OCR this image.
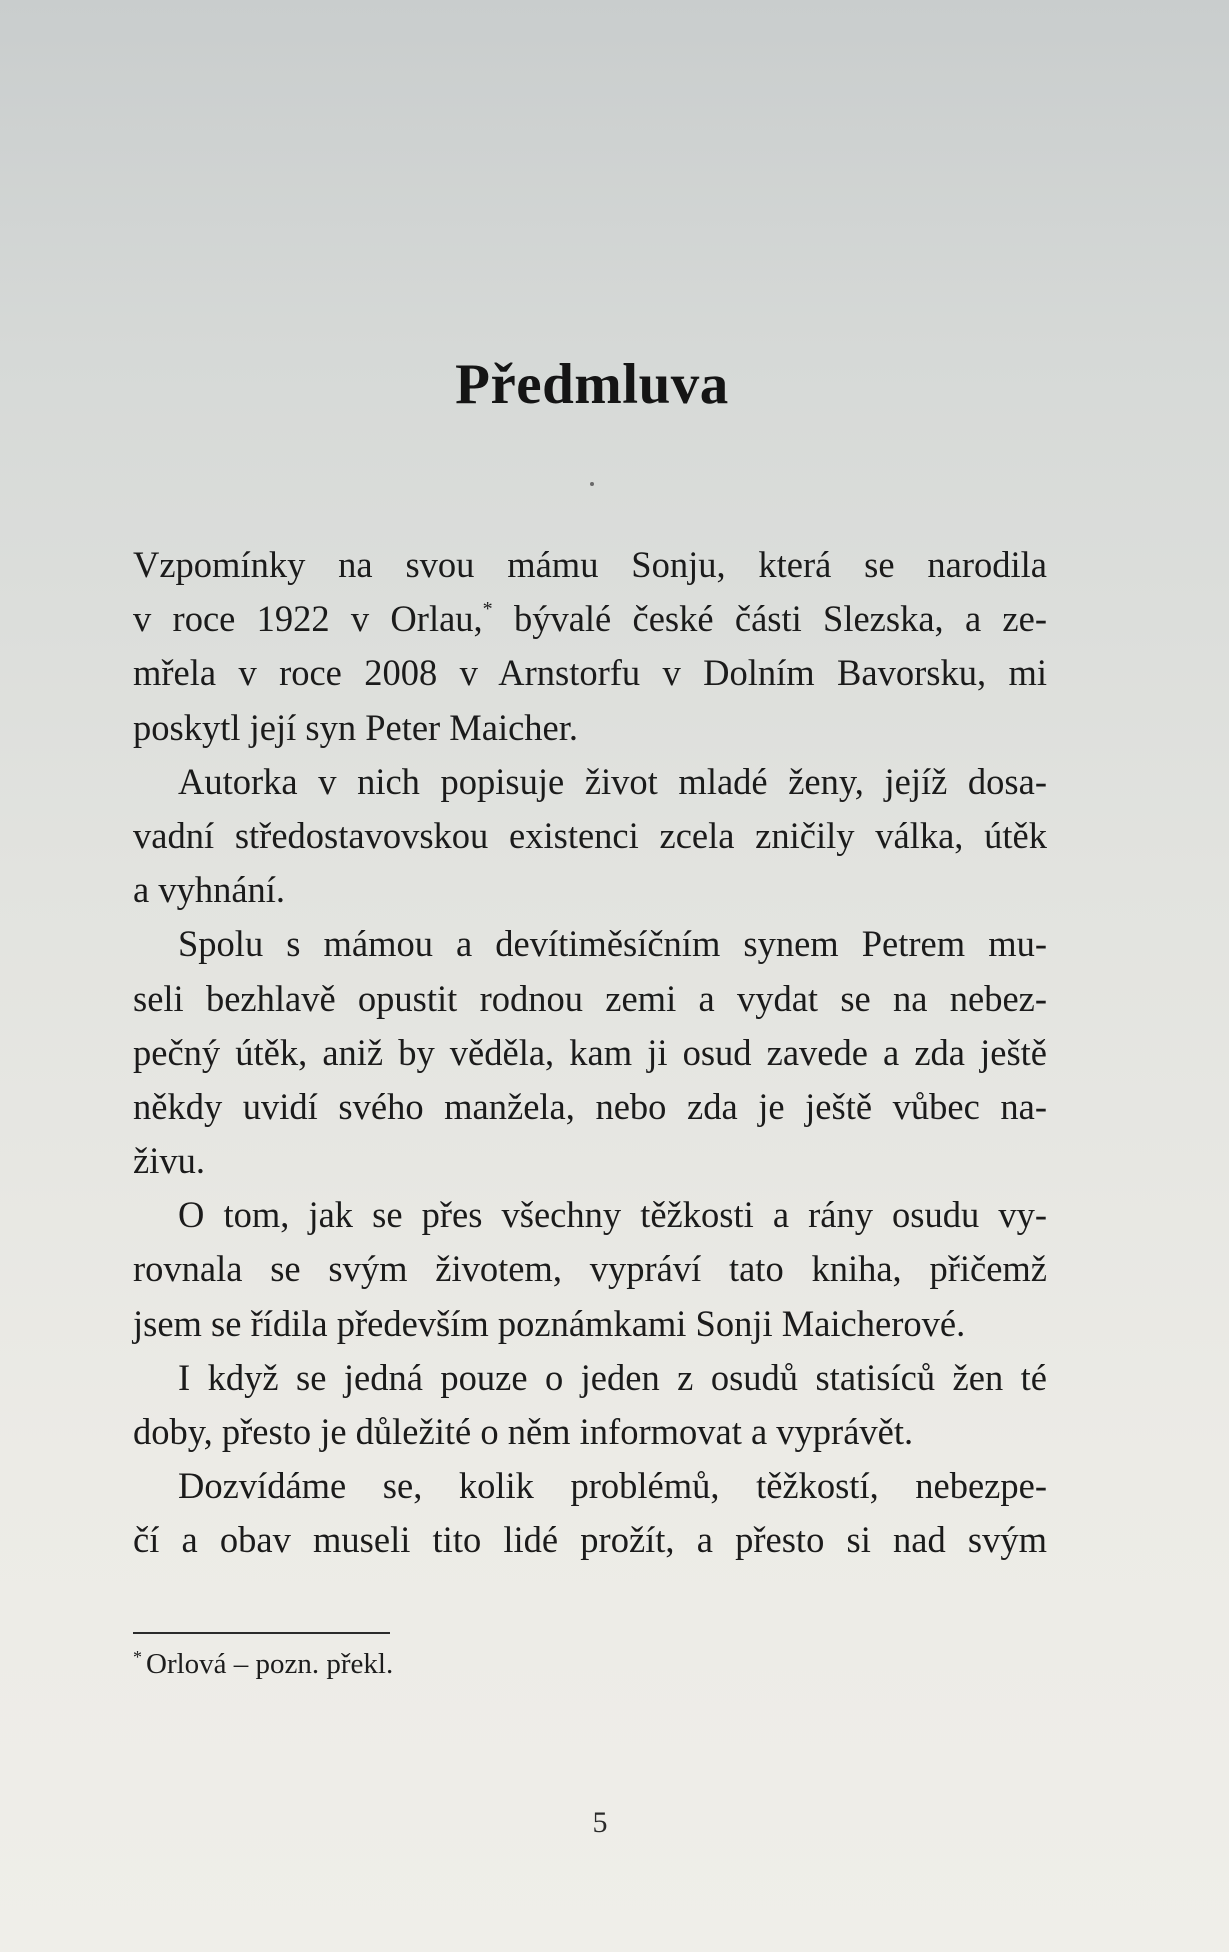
Předmluva
Vzpomínky na svou mámu Sonju, která se narodila
v roce 1922 v Orlau,* bývalé české části Slezska, a ze-
mřela v roce 2008 v Arnstorfu v Dolním Bavorsku, mi
poskytl její syn Peter Maicher.
Autorka v nich popisuje život mladé ženy, jejíž dosa-
vadní středostavovskou existenci zcela zničily válka, útěk
a vyhnání.
Spolu s mámou a devítiměsíčním synem Petrem mu-
seli bezhlavě opustit rodnou zemi a vydat se na nebez-
pečný útěk, aniž by věděla, kam ji osud zavede a zda ještě
někdy uvidí svého manžela, nebo zda je ještě vůbec na-
živu.
O tom, jak se přes všechny těžkosti a rány osudu vy-
rovnala se svým životem, vypráví tato kniha, přičemž
jsem se řídila především poznámkami Sonji Maicherové.
I když se jedná pouze o jeden z osudů statisíců žen té
doby, přesto je důležité o něm informovat a vyprávět.
Dozvídáme se, kolik problémů, těžkostí, nebezpe-
čí a obav museli tito lidé prožít, a přesto si nad svým
* Orlová – pozn. překl.
5
